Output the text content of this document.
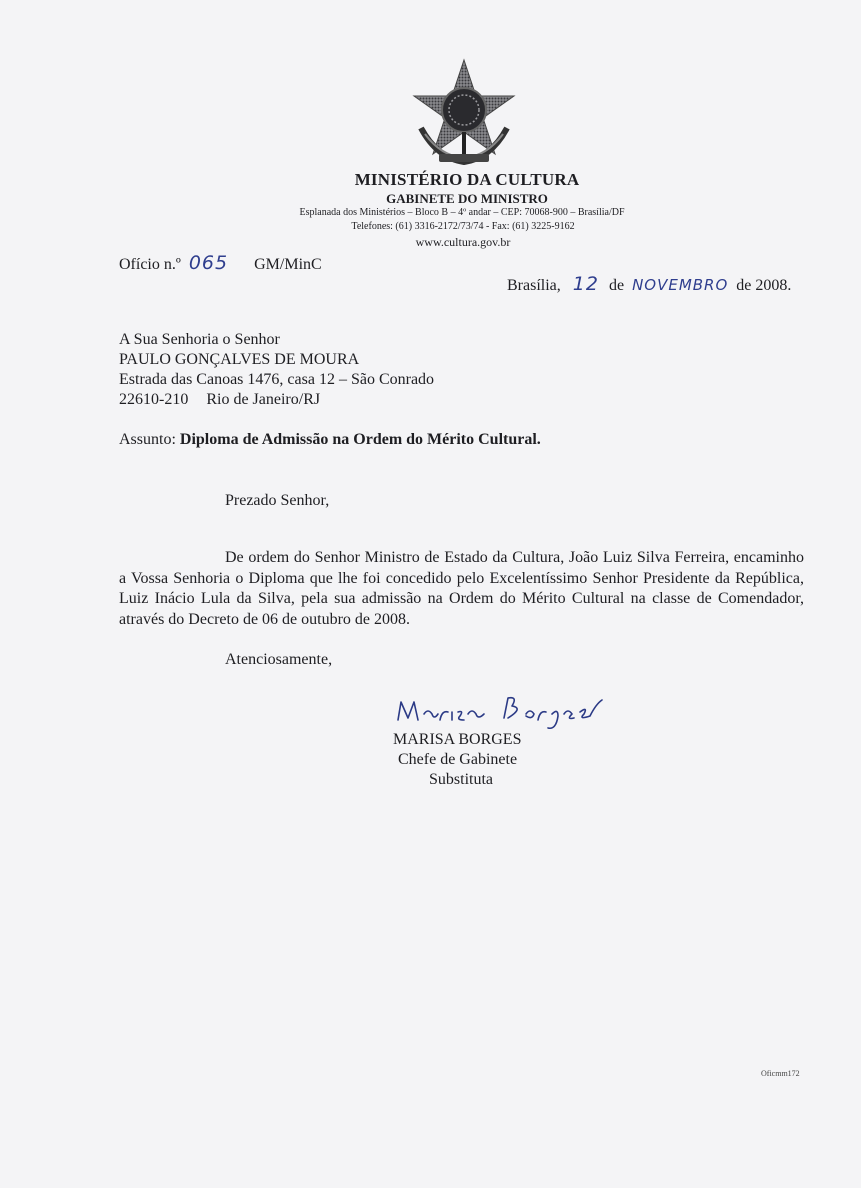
MINISTÉRIO DA CULTURA
GABINETE DO MINISTRO
Esplanada dos Ministérios – Bloco B – 4º andar – CEP: 70068-900 – Brasília/DF
Telefones: (61) 3316-2172/73/74 - Fax: (61) 3225-9162
www.cultura.gov.br
Ofício n.º 065 GM/MinC
Brasília, 12 de NOVEMBRO de 2008.
A Sua Senhoria o Senhor
PAULO GONÇALVES DE MOURA
Estrada das Canoas 1476, casa 12 – São Conrado
22610-210 Rio de Janeiro/RJ
Assunto: Diploma de Admissão na Ordem do Mérito Cultural.
Prezado Senhor,
De ordem do Senhor Ministro de Estado da Cultura, João Luiz Silva Ferreira, encaminho a Vossa Senhoria o Diploma que lhe foi concedido pelo Excelentíssimo Senhor Presidente da República, Luiz Inácio Lula da Silva, pela sua admissão na Ordem do Mérito Cultural na classe de Comendador, através do Decreto de 06 de outubro de 2008.
Atenciosamente,
MARISA BORGES
Chefe de Gabinete
Substituta
Oficmm172
